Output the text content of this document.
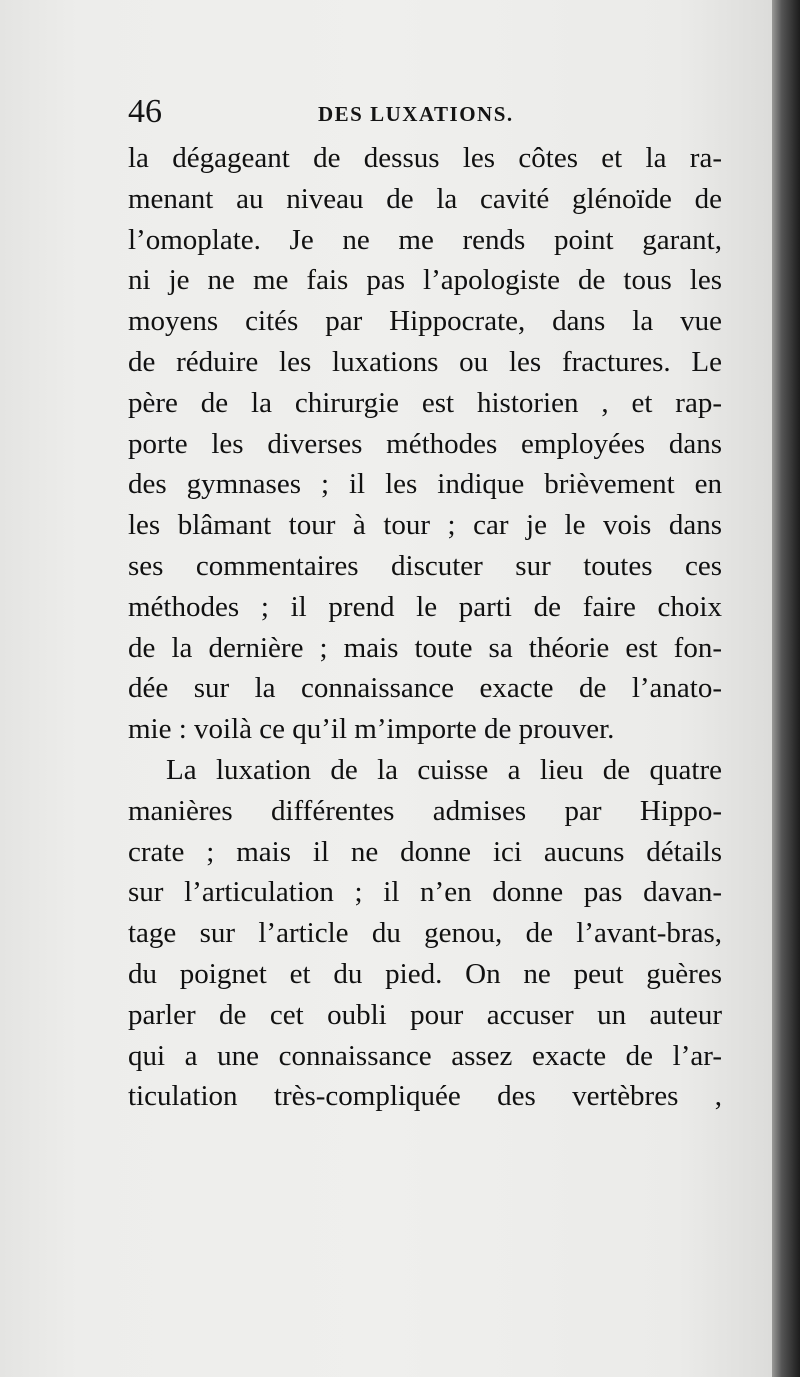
46	DES LUXATIONS.
la dégageant de dessus les côtes et la ra-
menant au niveau de la cavité glénoïde de
l’omoplate. Je ne me rends point garant,
ni je ne me fais pas l’apologiste de tous les
moyens cités par Hippocrate, dans la vue
de réduire les luxations ou les fractures. Le
père de la chirurgie est historien , et rap-
porte les diverses méthodes employées dans
des gymnases ; il les indique brièvement en
les blâmant tour à tour ; car je le vois dans
ses commentaires discuter sur toutes ces
méthodes ; il prend le parti de faire choix
de la dernière ; mais toute sa théorie est fon-
dée sur la connaissance exacte de l’anato-
mie : voilà ce qu’il m’importe de prouver.
La luxation de la cuisse a lieu de quatre
manières différentes admises par Hippo-
crate ; mais il ne donne ici aucuns détails
sur l’articulation ; il n’en donne pas davan-
tage sur l’article du genou, de l’avant-bras,
du poignet et du pied. On ne peut guères
parler de cet oubli pour accuser un auteur
qui a une connaissance assez exacte de l’ar-
ticulation très-compliquée des vertèbres ,
